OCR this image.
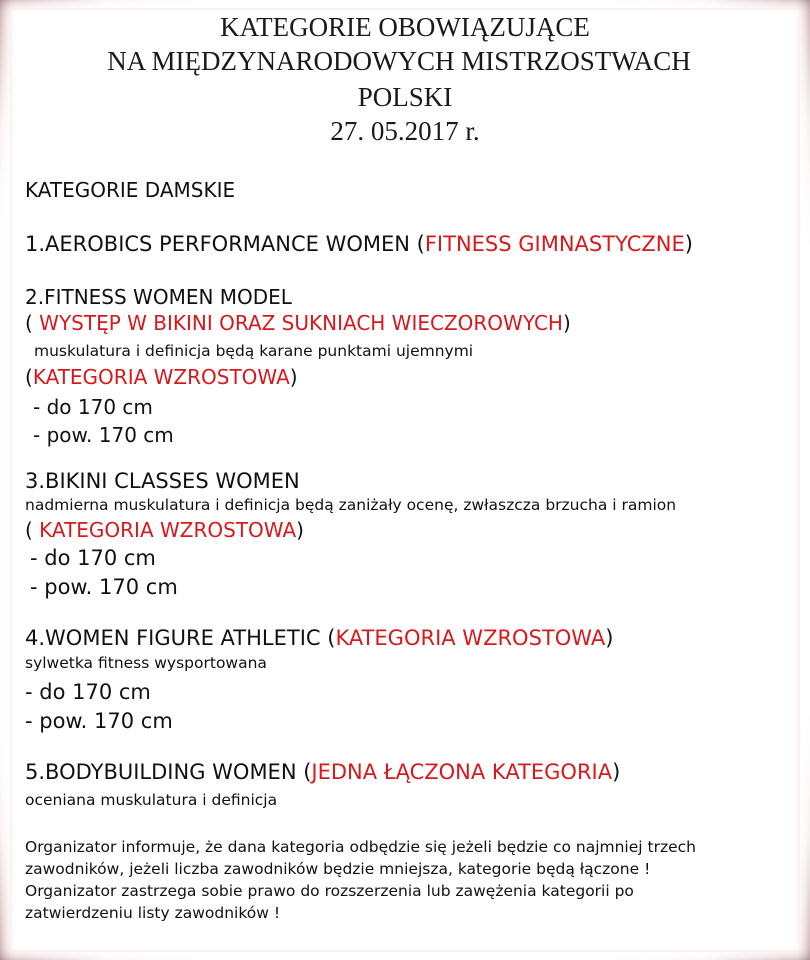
KATEGORIE OBOWIĄZUJĄCE
NA MIĘDZYNARODOWYCH MISTRZOSTWACH
POLSKI
27. 05.2017 r.
KATEGORIE DAMSKIE
1.AEROBICS PERFORMANCE WOMEN (FITNESS GIMNASTYCZNE)
2.FITNESS WOMEN MODEL
( WYSTĘP W BIKINI ORAZ SUKNIACH WIECZOROWYCH)
muskulatura i definicja będą karane punktami ujemnymi
(KATEGORIA WZROSTOWA)
- do 170 cm
- pow. 170 cm
3.BIKINI CLASSES WOMEN
nadmierna muskulatura i definicja będą zaniżały ocenę, zwłaszcza brzucha i ramion
( KATEGORIA WZROSTOWA)
- do 170 cm
- pow. 170 cm
4.WOMEN FIGURE ATHLETIC (KATEGORIA WZROSTOWA)
sylwetka fitness wysportowana
- do 170 cm
- pow. 170 cm
5.BODYBUILDING WOMEN (JEDNA ŁĄCZONA KATEGORIA)
oceniana muskulatura i definicja
Organizator informuje, że dana kategoria odbędzie się jeżeli będzie co najmniej trzech
zawodników, jeżeli liczba zawodników będzie mniejsza, kategorie będą łączone !
Organizator zastrzega sobie prawo do rozszerzenia lub zawężenia kategorii po
zatwierdzeniu listy zawodników !
